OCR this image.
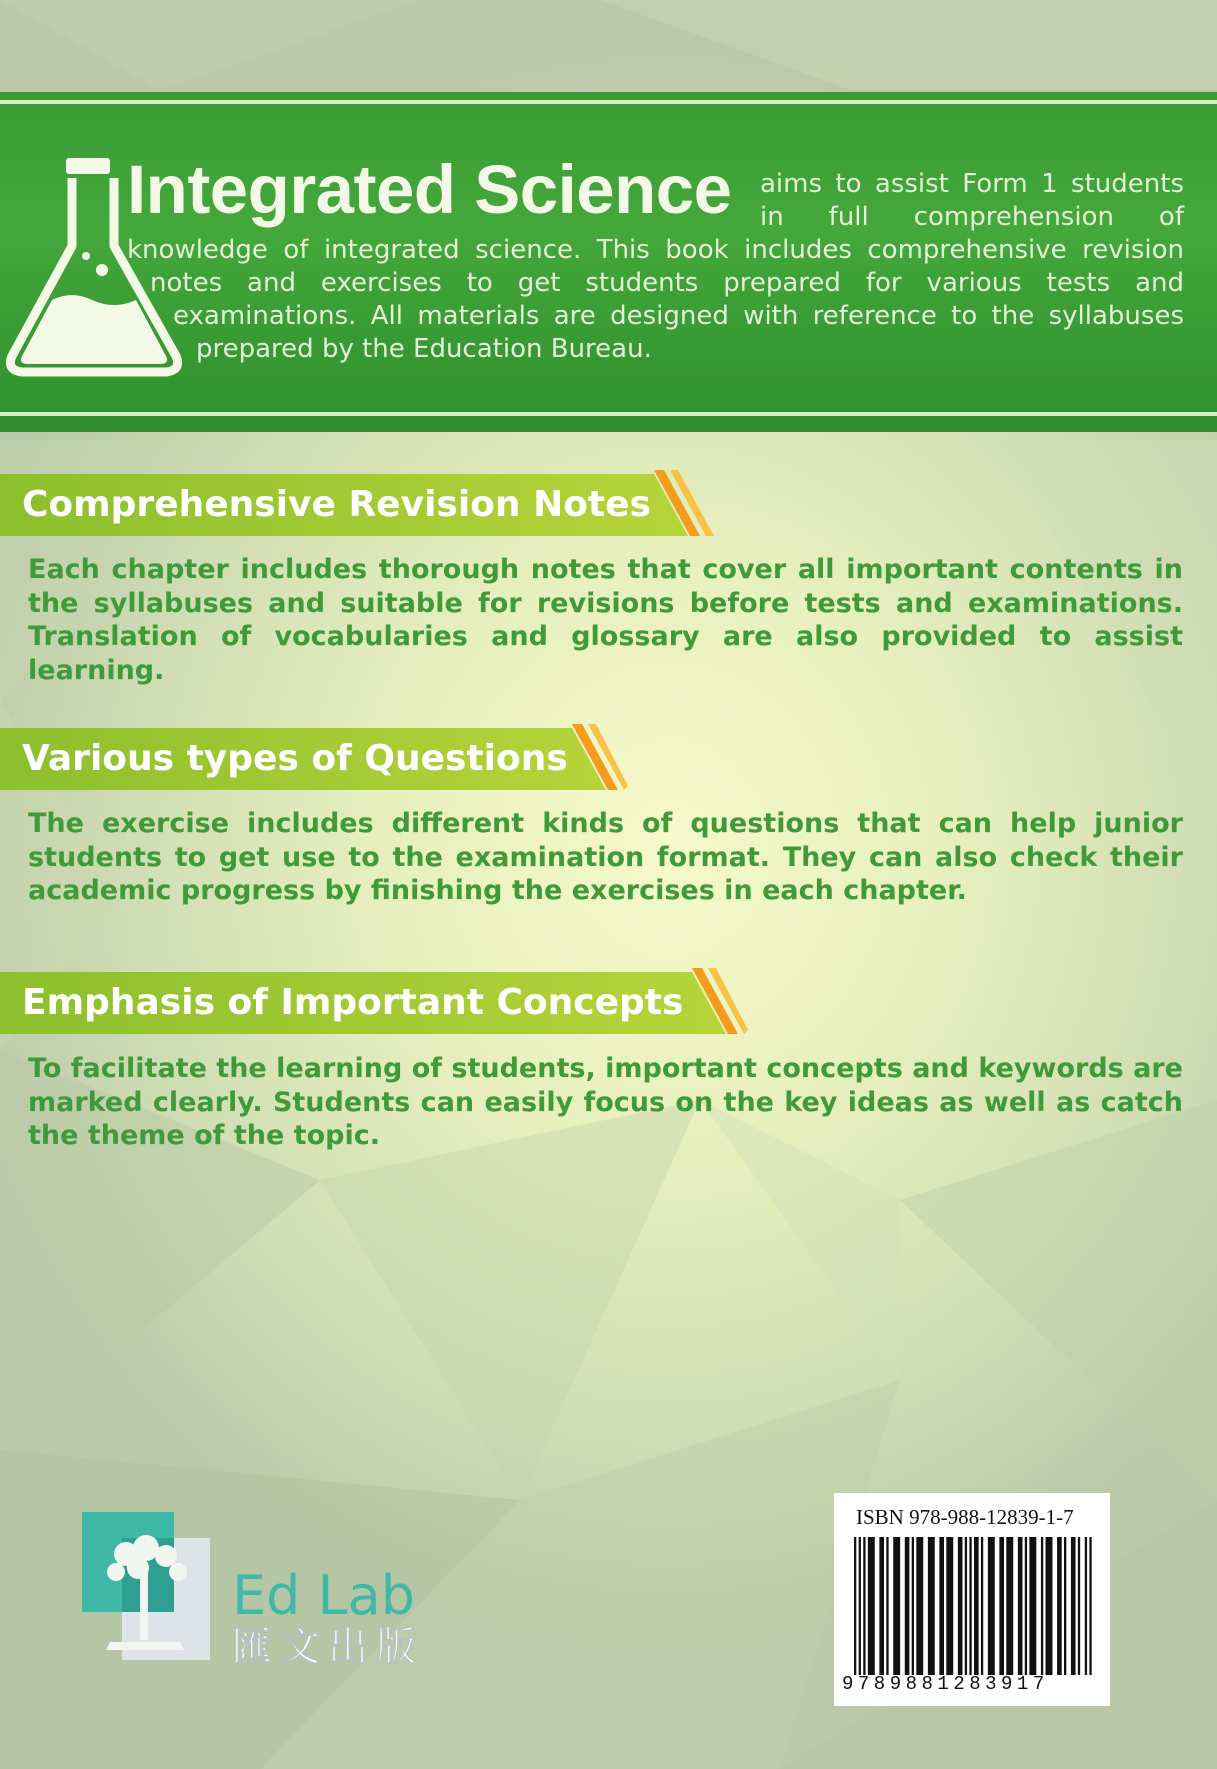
Integrated Science aims to assist Form 1 students
in full comprehension of
knowledge of integrated science. This book includes comprehensive revision
notes and exercises to get students prepared for various tests and
examinations. All materials are designed with reference to the syllabuses
prepared by the Education Bureau.
Comprehensive Revision Notes

Each chapter includes thorough notes that cover all important contents in the syllabuses and suitable for revisions before tests and examinations. Translation of vocabularies and glossary are also provided to assist learning.

Various types of Questions

The exercise includes different kinds of questions that can help junior students to get use to the examination format. They can also check their academic progress by finishing the exercises in each chapter.

Emphasis of Important Concepts

To facilitate the learning of students, important concepts and keywords are marked clearly. Students can easily focus on the key ideas as well as catch the theme of the topic.

Ed Lab
匯文出版

ISBN 978-988-12839-1-7

9789881283917
